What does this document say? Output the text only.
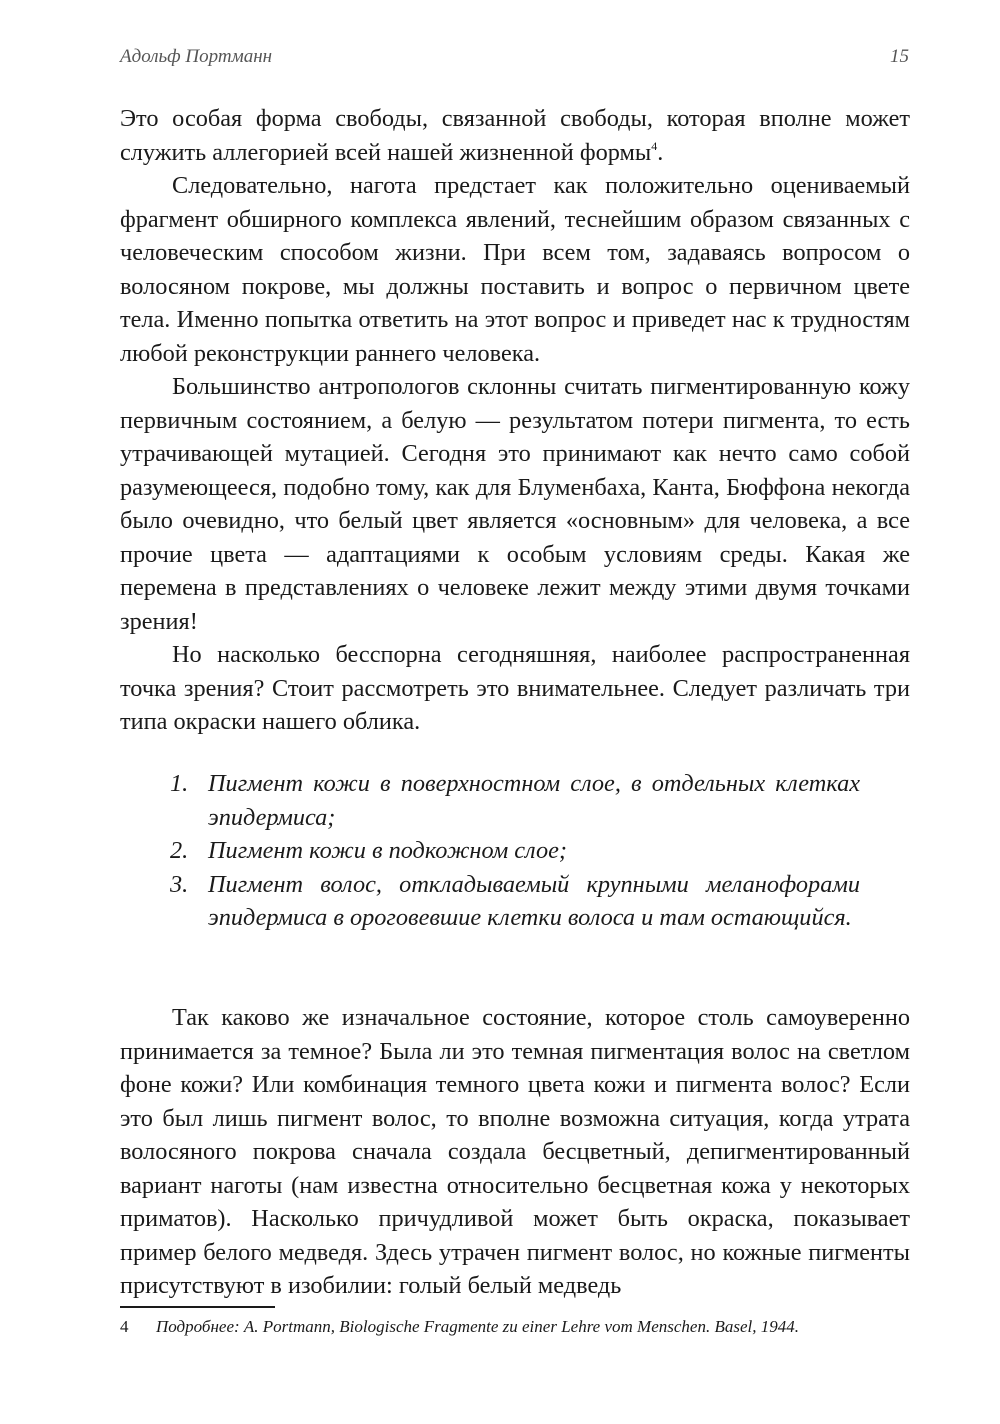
Адольф Портманн	15

Это особая форма свободы, связанной свободы, которая вполне может служить аллегорией всей нашей жизненной формы$^4$.

Следовательно, нагота предстает как положительно оцениваемый фрагмент обширного комплекса явлений, теснейшим образом связанных с человеческим способом жизни. При всем том, задаваясь вопросом о волосяном покрове, мы должны поставить и вопрос о первичном цвете тела. Именно попытка ответить на этот вопрос и приведет нас к трудностям любой реконструкции раннего человека.

Большинство антропологов склонны считать пигментированную кожу первичным состоянием, а белую — результатом потери пигмента, то есть утрачивающей мутацией. Сегодня это принимают как нечто само собой разумеющееся, подобно тому, как для Блуменбаха, Канта, Бюффона некогда было очевидно, что белый цвет является «основным» для человека, а все прочие цвета — адаптациями к особым условиям среды. Какая же перемена в представлениях о человеке лежит между этими двумя точками зрения!

Но насколько бесспорна сегодняшняя, наиболее распространенная точка зрения? Стоит рассмотреть это внимательнее. Следует различать три типа окраски нашего облика.

1. Пигмент кожи в поверхностном слое, в отдельных клетках эпидермиса;
2. Пигмент кожи в подкожном слое;
3. Пигмент волос, откладываемый крупными меланофорами эпидермиса в ороговевшие клетки волоса и там остающийся.

Так каково же изначальное состояние, которое столь самоуверенно принимается за темное? Была ли это темная пигментация волос на светлом фоне кожи? Или комбинация темного цвета кожи и пигмента волос? Если это был лишь пигмент волос, то вполне возможна ситуация, когда утрата волосяного покрова сначала создала бесцветный, депигментированный вариант наготы (нам известна относительно бесцветная кожа у некоторых приматов). Насколько причудливой может быть окраска, показывает пример белого медведя. Здесь утрачен пигмент волос, но кожные пигменты присутствуют в изобилии: голый белый медведь

4 Подробнее: A. Portmann, Biologische Fragmente zu einer Lehre vom Menschen. Basel, 1944.
